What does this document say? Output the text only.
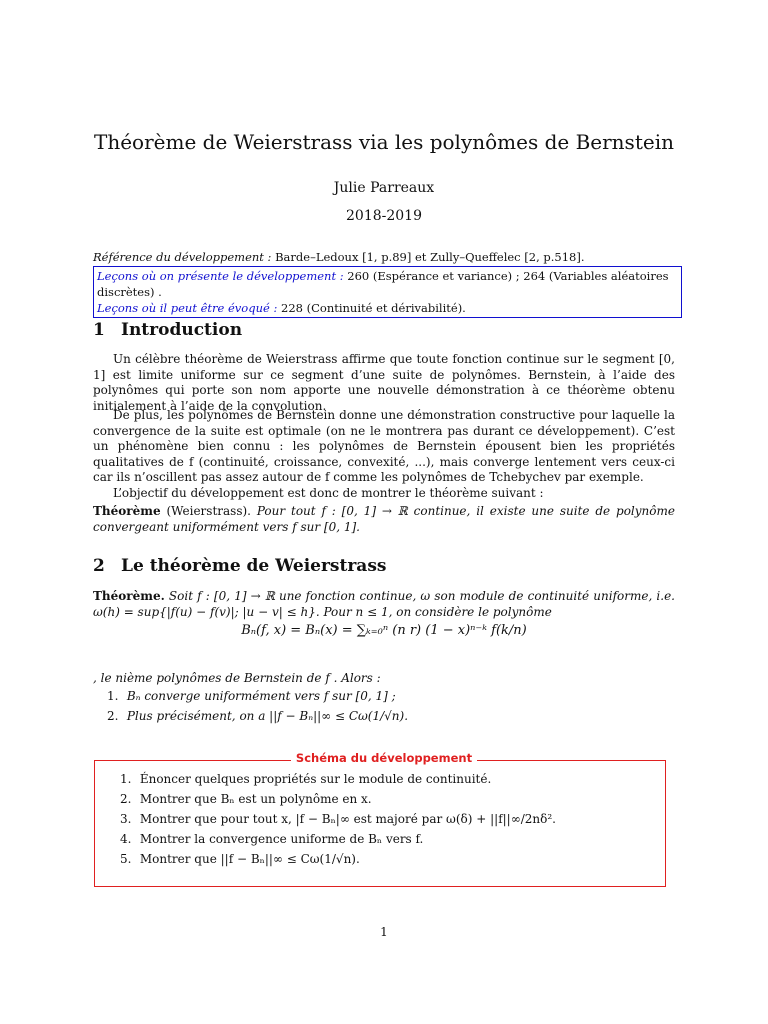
Théorème de Weierstrass via les polynômes de Bernstein
Julie Parreaux
2018-2019
Référence du développement : Barde–Ledoux [1, p.89] et Zully–Queffelec [2, p.518].
Leçons où on présente le développement : 260 (Espérance et variance) ; 264 (Variables aléatoires discrètes) .
Leçons où il peut être évoqué : 228 (Continuité et dérivabilité).
1 Introduction
Un célèbre théorème de Weierstrass affirme que toute fonction continue sur le segment [0, 1] est limite uniforme sur ce segment d’une suite de polynômes. Bernstein, à l’aide des polynômes qui porte son nom apporte une nouvelle démonstration à ce théorème obtenu initialement à l’aide de la convolution.
De plus, les polynômes de Bernstein donne une démonstration constructive pour laquelle la convergence de la suite est optimale (on ne le montrera pas durant ce développement). C’est un phénomène bien connu : les polynômes de Bernstein épousent bien les propriétés qualitatives de f (continuité, croissance, convexité, ...), mais converge lentement vers ceux-ci car ils n’oscillent pas assez autour de f comme les polynômes de Tchebychev par exemple.
L’objectif du développement est donc de montrer le théorème suivant :
Théorème (Weierstrass). Pour tout f : [0, 1] → ℝ continue, il existe une suite de polynôme convergeant uniformément vers f sur [0, 1].
2 Le théorème de Weierstrass
Théorème. Soit f : [0, 1] → ℝ une fonction continue, ω son module de continuité uniforme, i.e. ω(h) = sup{|f(u) − f(v)|; |u − v| ≤ h}. Pour n ≤ 1, on considère le polynôme
Bₙ(f, x) = Bₙ(x) = ∑ₖ₌₀ⁿ (n r) (1 − x)ⁿ⁻ᵏ f(k/n)
, le nième polynômes de Bernstein de f . Alors :
1. Bₙ converge uniformément vers f sur [0, 1] ;
2. Plus précisément, on a ||f − Bₙ||∞ ≤ Cω(1/√n).
Schéma du développement
1. Énoncer quelques propriétés sur le module de continuité.
2. Montrer que Bₙ est un polynôme en x.
3. Montrer que pour tout x, |f − Bₙ|∞ est majoré par ω(δ) + ||f||∞/2nδ².
4. Montrer la convergence uniforme de Bₙ vers f.
5. Montrer que ||f − Bₙ||∞ ≤ Cω(1/√n).
1
